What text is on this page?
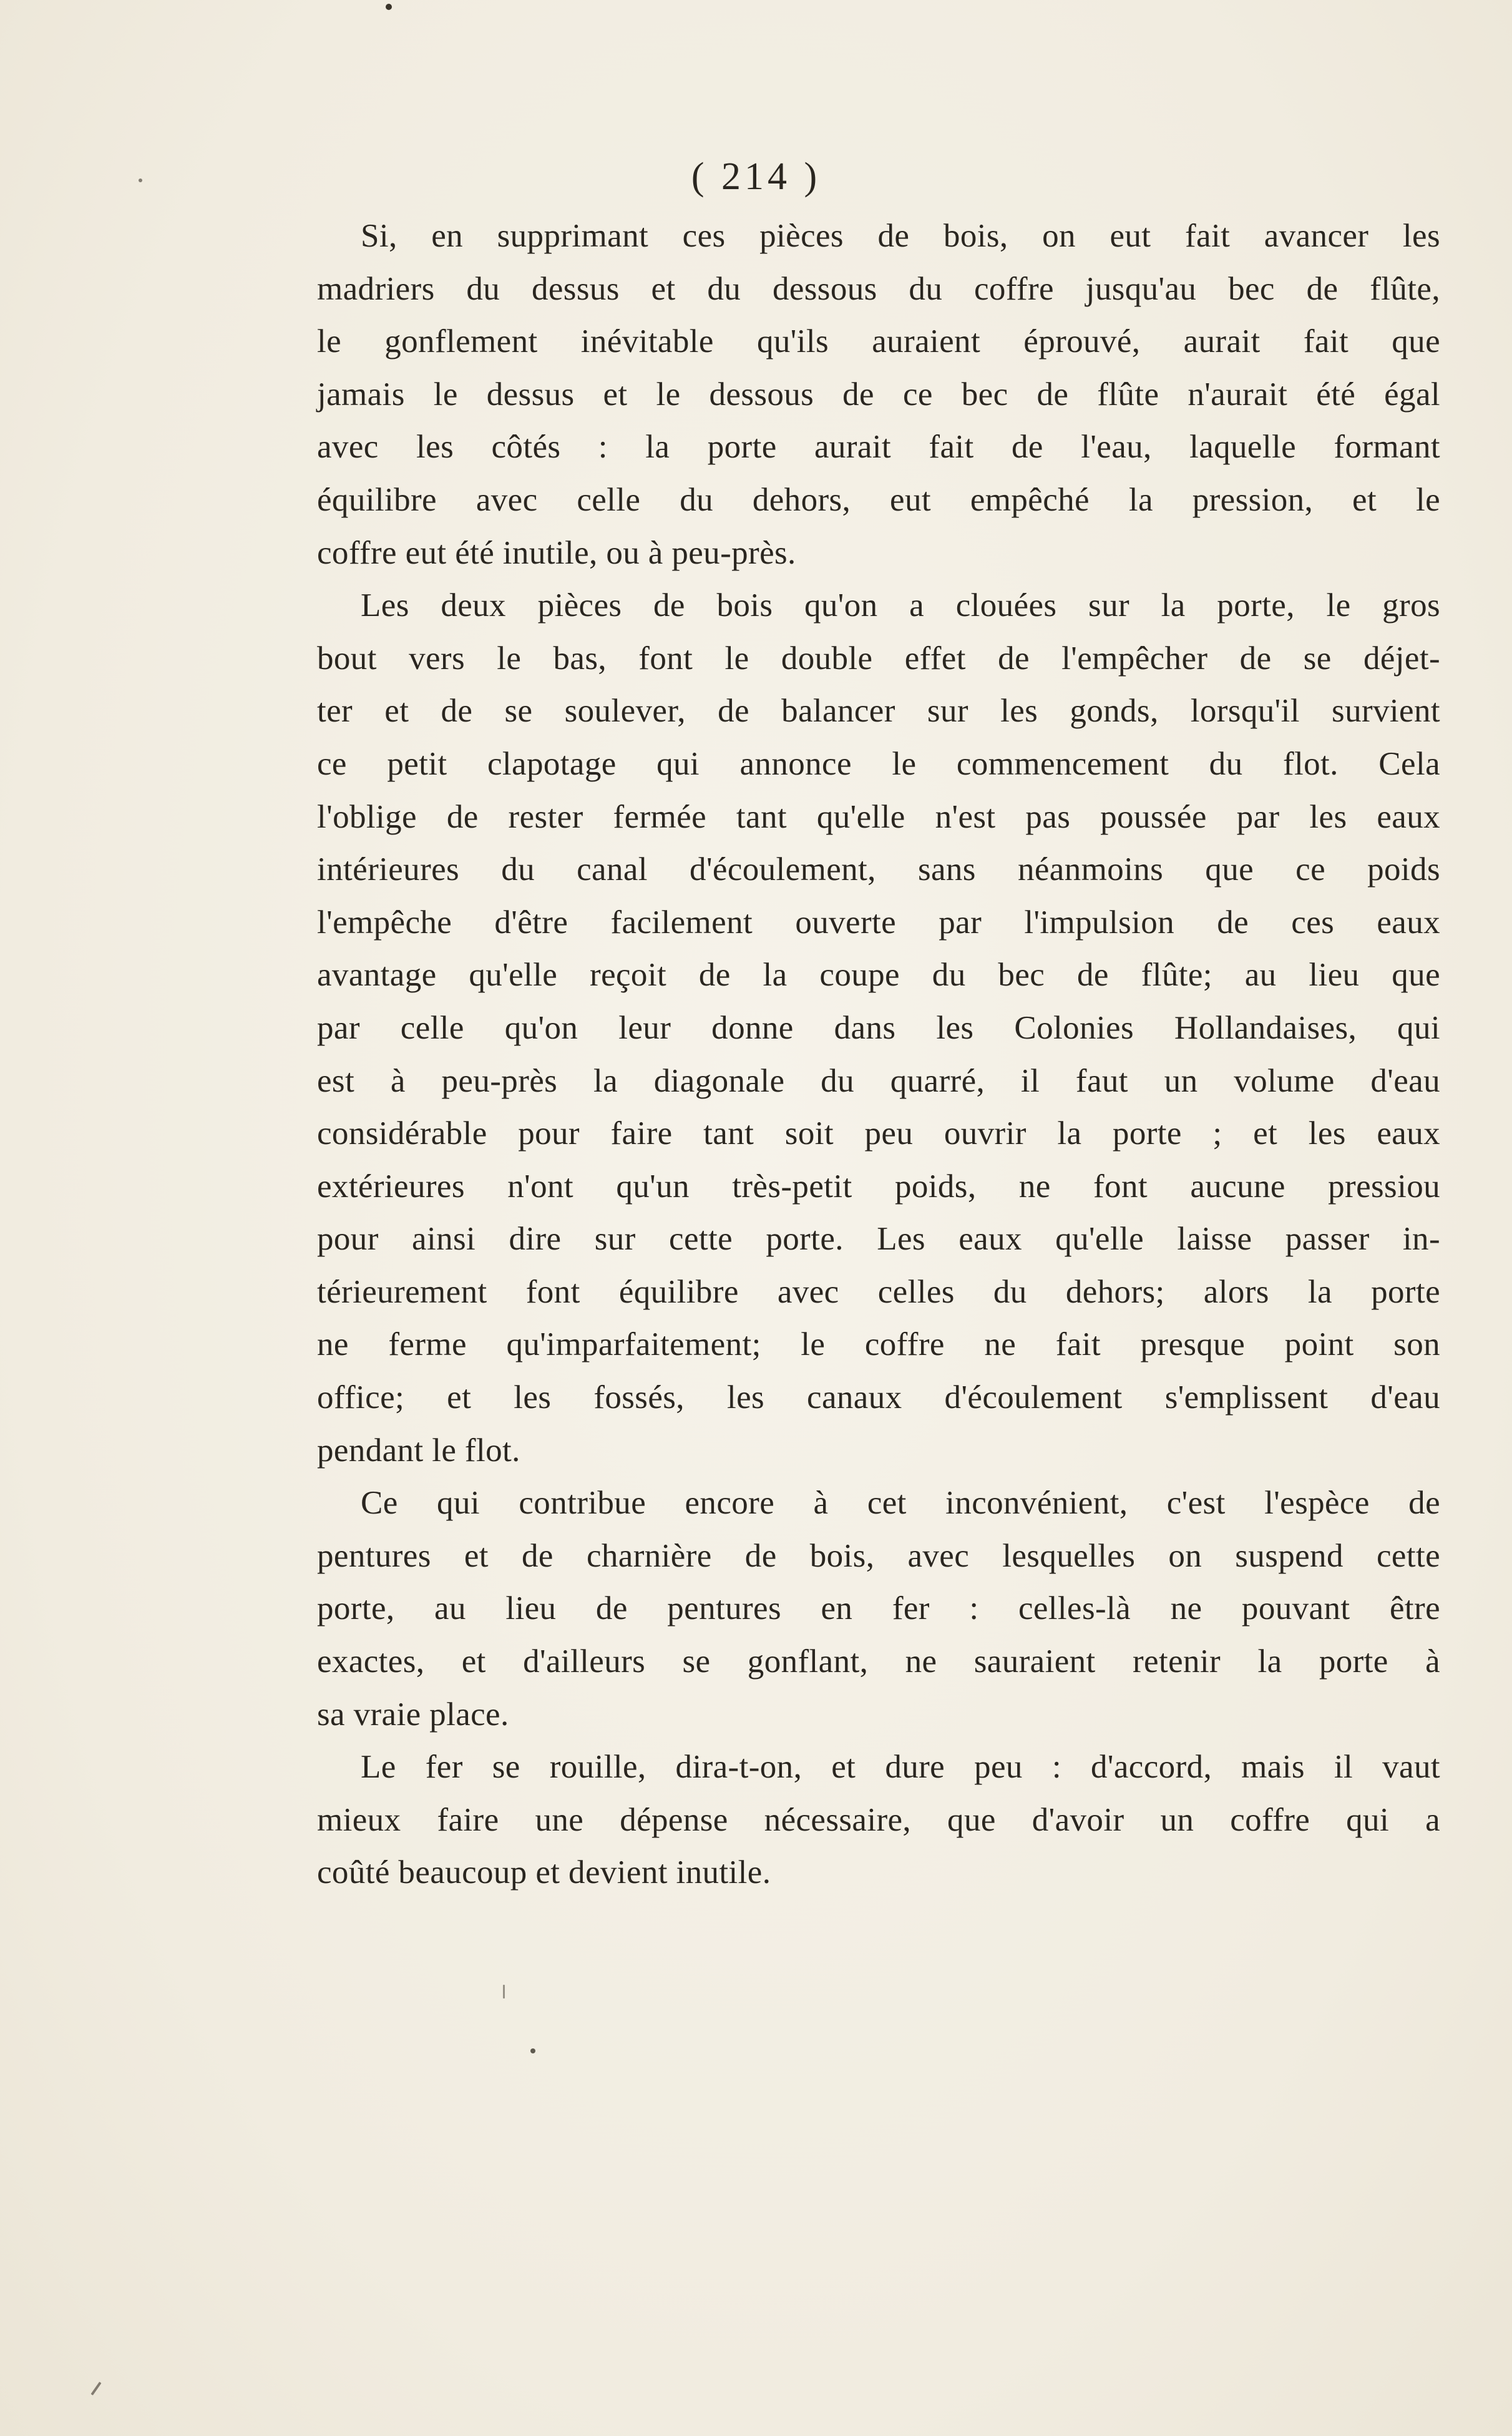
( 214 )
Si, en supprimant ces pièces de bois, on eut fait avancer les
madriers du dessus et du dessous du coffre jusqu'au bec de flûte,
le gonflement inévitable qu'ils auraient éprouvé, aurait fait que
jamais le dessus et le dessous de ce bec de flûte n'aurait été égal
avec les côtés : la porte aurait fait de l'eau, laquelle formant
équilibre avec celle du dehors, eut empêché la pression, et le
coffre eut été inutile, ou à peu-près.
Les deux pièces de bois qu'on a clouées sur la porte, le gros
bout vers le bas, font le double effet de l'empêcher de se déjet-
ter et de se soulever, de balancer sur les gonds, lorsqu'il survient
ce petit clapotage qui annonce le commencement du flot. Cela
l'oblige de rester fermée tant qu'elle n'est pas poussée par les eaux
intérieures du canal d'écoulement, sans néanmoins que ce poids
l'empêche d'être facilement ouverte par l'impulsion de ces eaux
avantage qu'elle reçoit de la coupe du bec de flûte; au lieu que
par celle qu'on leur donne dans les Colonies Hollandaises, qui
est à peu-près la diagonale du quarré, il faut un volume d'eau
considérable pour faire tant soit peu ouvrir la porte ; et les eaux
extérieures n'ont qu'un très-petit poids, ne font aucune pressiou
pour ainsi dire sur cette porte. Les eaux qu'elle laisse passer in-
térieurement font équilibre avec celles du dehors; alors la porte
ne ferme qu'imparfaitement; le coffre ne fait presque point son
office; et les fossés, les canaux d'écoulement s'emplissent d'eau
pendant le flot.
Ce qui contribue encore à cet inconvénient, c'est l'espèce de
pentures et de charnière de bois, avec lesquelles on suspend cette
porte, au lieu de pentures en fer : celles-là ne pouvant être
exactes, et d'ailleurs se gonflant, ne sauraient retenir la porte à
sa vraie place.
Le fer se rouille, dira-t-on, et dure peu : d'accord, mais il vaut
mieux faire une dépense nécessaire, que d'avoir un coffre qui a
coûté beaucoup et devient inutile.
